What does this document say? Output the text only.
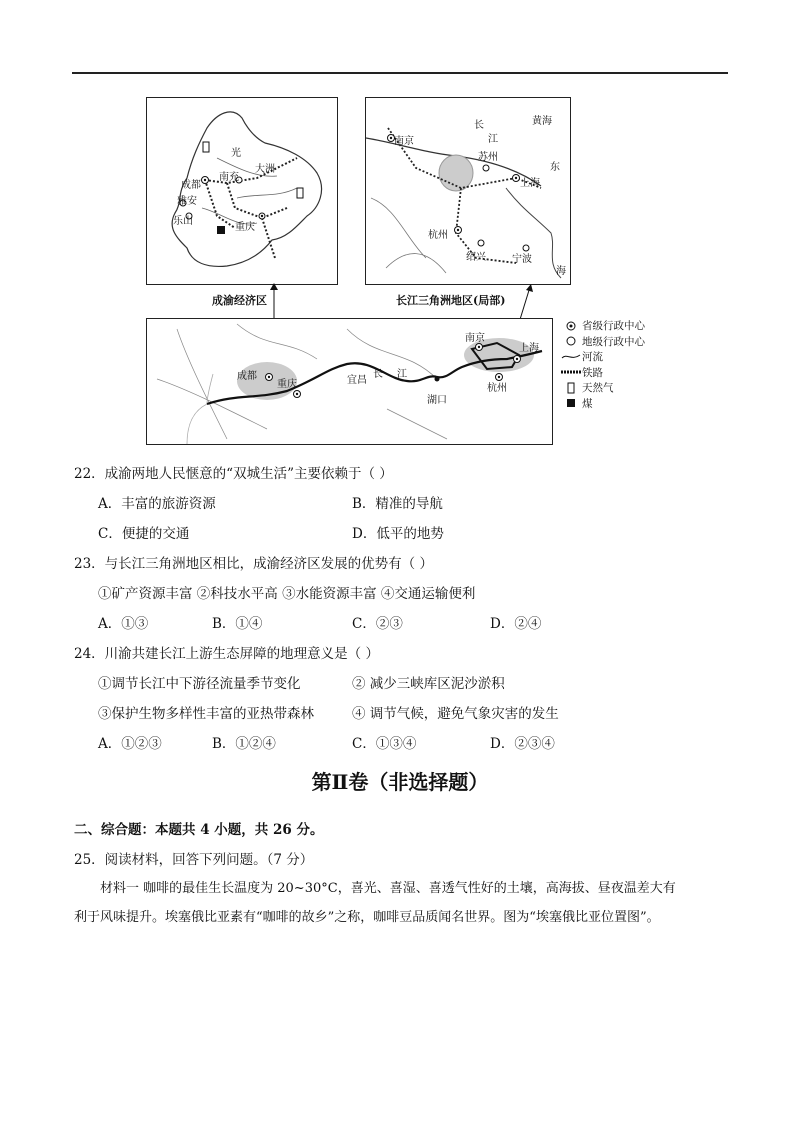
成都
雅安
乐山
南充
大洲
重庆
光
成渝经济区
南京
长
江
黄海
苏州
东
上海
杭州
绍兴	宁波
海
长江三角洲地区(局部)
南京
上海
成都
重庆	宜昌
长 江
湖口
杭州
省级行政中心
地级行政中心
河流
铁路
天然气
煤
22．成渝两地人民惬意的“双城生活”主要依赖于（ ）
A．丰富的旅游资源	B．精准的导航
C．便捷的交通	D．低平的地势
23．与长江三角洲地区相比，成渝经济区发展的优势有（ ）
①矿产资源丰富 ②科技水平高 ③水能资源丰富 ④交通运输便利
A．①③	B．①④	C．②③	D．②④
24．川渝共建长江上游生态屏障的地理意义是（ ）
①调节长江中下游径流量季节变化	② 减少三峡库区泥沙淤积
③保护生物多样性丰富的亚热带森林	④ 调节气候，避免气象灾害的发生
A．①②③	B．①②④	C．①③④	D．②③④
第Ⅱ卷（非选择题）
二、综合题：本题共 4 小题，共 26 分。
25．阅读材料，回答下列问题。（7 分）
材料一 咖啡的最佳生长温度为 20~30°C，喜光、喜湿、喜透气性好的土壤，高海拔、昼夜温差大有
利于风味提升。埃塞俄比亚素有“咖啡的故乡”之称，咖啡豆品质闻名世界。图为“埃塞俄比亚位置图”。
